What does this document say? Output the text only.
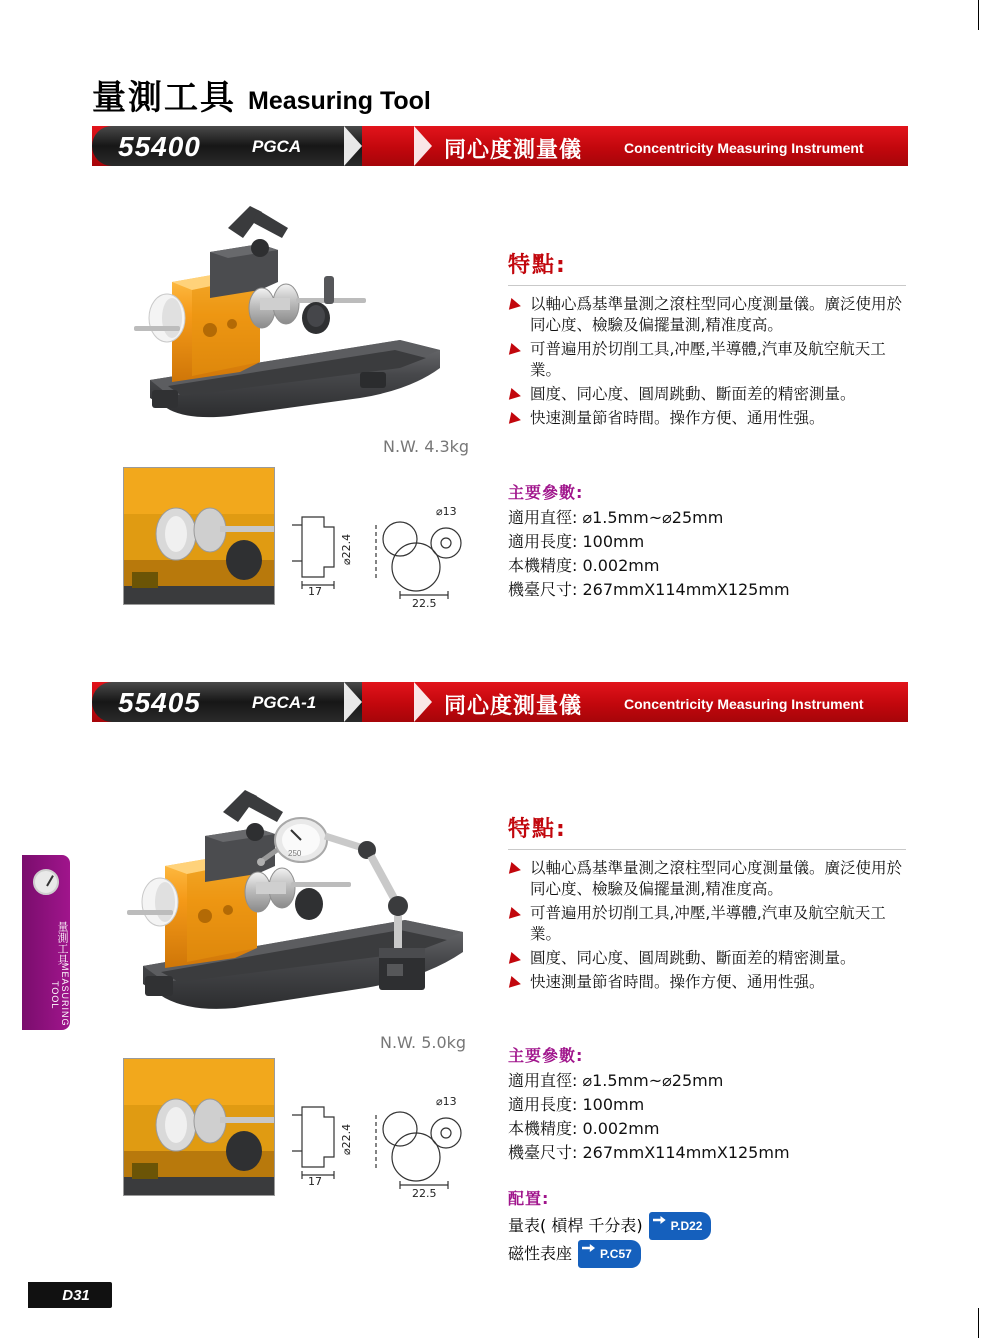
量測工具 Measuring Tool
55400	PGCA	同心度測量儀	Concentricity Measuring Instrument
N.W. 4.3kg
⌀13
⌀22.4
17
22.5
特點:
以軸心爲基準量測之滾柱型同心度測量儀。廣泛使用於同心度、檢驗及偏擺量測,精准度高。
可普遍用於切削工具,冲壓,半導體,汽車及航空航天工業。
圓度、同心度、圓周跳動、斷面差的精密測量。
快速測量節省時間。操作方便、通用性强。
主要參數:
適用直徑: ⌀1.5mm~⌀25mm
適用長度: 100mm
本機精度: 0.002mm
機臺尺寸: 267mmX114mmX125mm
55405	PGCA-1	同心度測量儀	Concentricity Measuring Instrument
250
N.W. 5.0kg
⌀13
⌀22.4
17
22.5
特點:
以軸心爲基準量測之滾柱型同心度測量儀。廣泛使用於同心度、檢驗及偏擺量測,精准度高。
可普遍用於切削工具,冲壓,半導體,汽車及航空航天工業。
圓度、同心度、圓周跳動、斷面差的精密測量。
快速測量節省時間。操作方便、通用性强。
主要參數:
適用直徑: ⌀1.5mm~⌀25mm
適用長度: 100mm
本機精度: 0.002mm
機臺尺寸: 267mmX114mmX125mm
配置:
量表( 槓桿 千分表)	P.D22
磁性表座	P.C57
量測工具
MEASURING TOOL
D31
